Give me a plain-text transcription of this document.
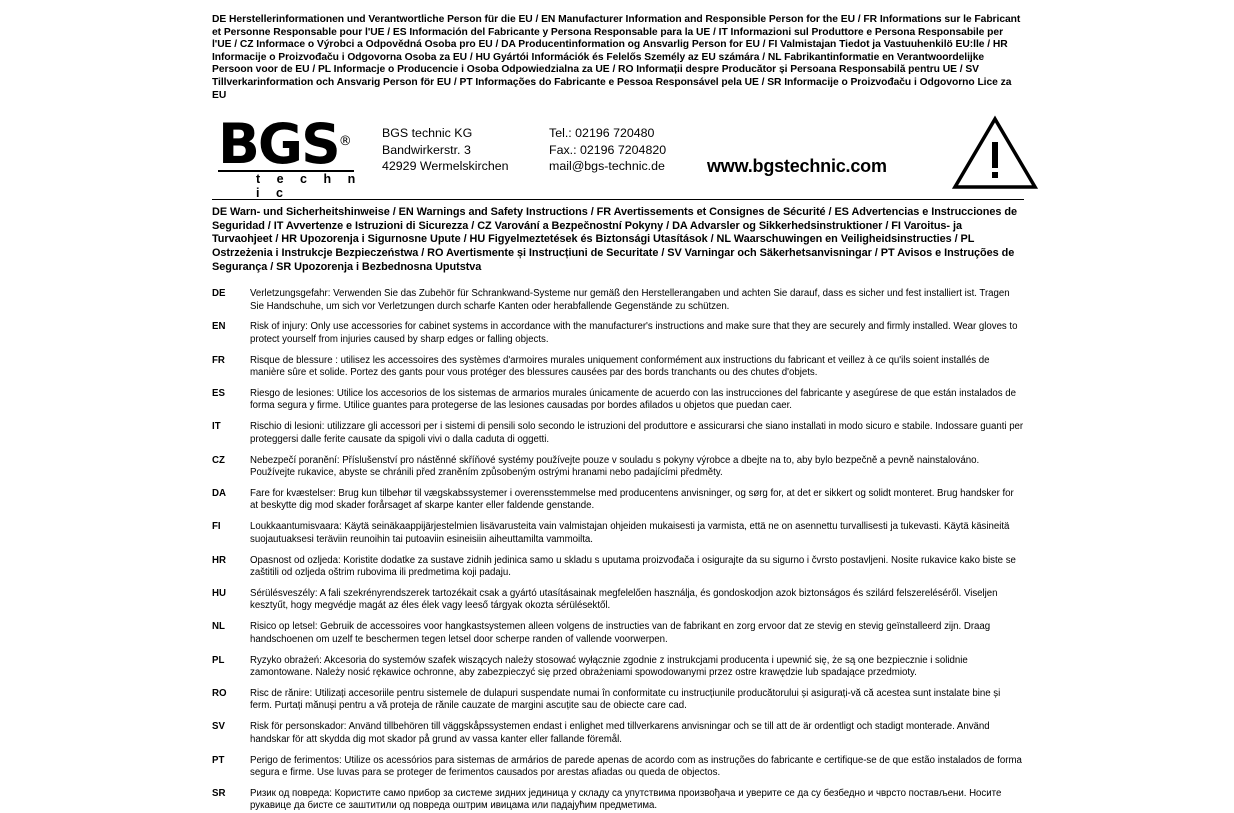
DE Herstellerinformationen und Verantwortliche Person für die EU / EN Manufacturer Information and Responsible Person for the EU / FR Informations sur le Fabricant et Personne Responsable pour l'UE / ES Información del Fabricante y Persona Responsable para la UE / IT Informazioni sul Produttore e Persona Responsabile per l'UE / CZ Informace o Výrobci a Odpovědná Osoba pro EU / DA Producentinformation og Ansvarlig Person for EU / FI Valmistajan Tiedot ja Vastuuhenkilö EU:lle / HR Informacije o Proizvođaču i Odgovorna Osoba za EU / HU Gyártói Információk és Felelős Személy az EU számára / NL Fabrikantinformatie en Verantwoordelijke Persoon voor de EU / PL Informacje o Producencie i Osoba Odpowiedzialna za UE / RO Informații despre Producător și Persoana Responsabilă pentru UE / SV Tillverkarinformation och Ansvarig Person för EU / PT Informações do Fabricante e Pessoa Responsável pela UE / SR Informacije o Proizvođaču i Odgovorno Lice za EU
BGS ®
t e c h n i c
BGS technic KG
Bandwirkerstr. 3
42929 Wermelskirchen
Tel.: 02196 720480
Fax.: 02196 7204820
mail@bgs-technic.de www.bgstechnic.com
DE Warn- und Sicherheitshinweise / EN Warnings and Safety Instructions / FR Avertissements et Consignes de Sécurité / ES Advertencias e Instrucciones de Seguridad / IT Avvertenze e Istruzioni di Sicurezza / CZ Varování a Bezpečnostní Pokyny / DA Advarsler og Sikkerhedsinstruktioner / FI Varoitus- ja Turvaohjeet / HR Upozorenja i Sigurnosne Upute / HU Figyelmeztetések és Biztonsági Utasítások / NL Waarschuwingen en Veiligheidsinstructies / PL Ostrzeżenia i Instrukcje Bezpieczeństwa / RO Avertismente și Instrucțiuni de Securitate / SV Varningar och Säkerhetsanvisningar / PT Avisos e Instruções de Segurança / SR Upozorenja i Bezbednosna Uputstva
DE	Verletzungsgefahr: Verwenden Sie das Zubehör für Schrankwand-Systeme nur gemäß den Herstellerangaben und achten Sie darauf, dass es sicher und fest installiert ist. Tragen Sie Handschuhe, um sich vor Verletzungen durch scharfe Kanten oder herabfallende Gegenstände zu schützen.
EN	Risk of injury: Only use accessories for cabinet systems in accordance with the manufacturer's instructions and make sure that they are securely and firmly installed. Wear gloves to protect yourself from injuries caused by sharp edges or falling objects.
FR	Risque de blessure : utilisez les accessoires des systèmes d'armoires murales uniquement conformément aux instructions du fabricant et veillez à ce qu'ils soient installés de manière sûre et solide. Portez des gants pour vous protéger des blessures causées par des bords tranchants ou des chutes d'objets.
ES	Riesgo de lesiones: Utilice los accesorios de los sistemas de armarios murales únicamente de acuerdo con las instrucciones del fabricante y asegúrese de que están instalados de forma segura y firme. Utilice guantes para protegerse de las lesiones causadas por bordes afilados u objetos que puedan caer.
IT	Rischio di lesioni: utilizzare gli accessori per i sistemi di pensili solo secondo le istruzioni del produttore e assicurarsi che siano installati in modo sicuro e stabile. Indossare guanti per proteggersi dalle ferite causate da spigoli vivi o dalla caduta di oggetti.
CZ	Nebezpečí poranění: Příslušenství pro nástěnné skříňové systémy používejte pouze v souladu s pokyny výrobce a dbejte na to, aby bylo bezpečně a pevně nainstalováno. Používejte rukavice, abyste se chránili před zraněním způsobeným ostrými hranami nebo padajícími předměty.
DA	Fare for kvæstelser: Brug kun tilbehør til vægskabssystemer i overensstemmelse med producentens anvisninger, og sørg for, at det er sikkert og solidt monteret. Brug handsker for at beskytte dig mod skader forårsaget af skarpe kanter eller faldende genstande.
FI	Loukkaantumisvaara: Käytä seinäkaappijärjestelmien lisävarusteita vain valmistajan ohjeiden mukaisesti ja varmista, että ne on asennettu turvallisesti ja tukevasti. Käytä käsineitä suojautuaksesi teräviin reunoihin tai putoaviin esineisiin aiheuttamilta vammoilta.
HR	Opasnost od ozljeda: Koristite dodatke za sustave zidnih jedinica samo u skladu s uputama proizvođača i osigurajte da su sigurno i čvrsto postavljeni. Nosite rukavice kako biste se zaštitili od ozljeda oštrim rubovima ili predmetima koji padaju.
HU	Sérülésveszély: A fali szekrényrendszerek tartozékait csak a gyártó utasításainak megfelelően használja, és gondoskodjon azok biztonságos és szilárd felszereléséről. Viseljen kesztyűt, hogy megvédje magát az éles élek vagy leeső tárgyak okozta sérülésektől.
NL	Risico op letsel: Gebruik de accessoires voor hangkastsystemen alleen volgens de instructies van de fabrikant en zorg ervoor dat ze stevig en stevig geïnstalleerd zijn. Draag handschoenen om uzelf te beschermen tegen letsel door scherpe randen of vallende voorwerpen.
PL	Ryzyko obrażeń: Akcesoria do systemów szafek wiszących należy stosować wyłącznie zgodnie z instrukcjami producenta i upewnić się, że są one bezpiecznie i solidnie zamontowane. Należy nosić rękawice ochronne, aby zabezpieczyć się przed obrażeniami spowodowanymi przez ostre krawędzie lub spadające przedmioty.
RO	Risc de rănire: Utilizați accesoriile pentru sistemele de dulapuri suspendate numai în conformitate cu instrucțiunile producătorului și asigurați-vă că acestea sunt instalate bine și ferm. Purtați mănuși pentru a vă proteja de rănile cauzate de margini ascuțite sau de obiecte care cad.
SV	Risk för personskador: Använd tillbehören till väggskåpssystemen endast i enlighet med tillverkarens anvisningar och se till att de är ordentligt och stadigt monterade. Använd handskar för att skydda dig mot skador på grund av vassa kanter eller fallande föremål.
PT	Perigo de ferimentos: Utilize os acessórios para sistemas de armários de parede apenas de acordo com as instruções do fabricante e certifique-se de que estão instalados de forma segura e firme. Use luvas para se proteger de ferimentos causados por arestas afiadas ou queda de objectos.
SR	Ризик од повреда: Користите само прибор за системе зидних јединица у складу са упутствима произвођача и уверите се да су безбедно и чврсто постављени. Носите рукавице да бисте се заштитили од повреда оштрим ивицама или падајућим предметима.
